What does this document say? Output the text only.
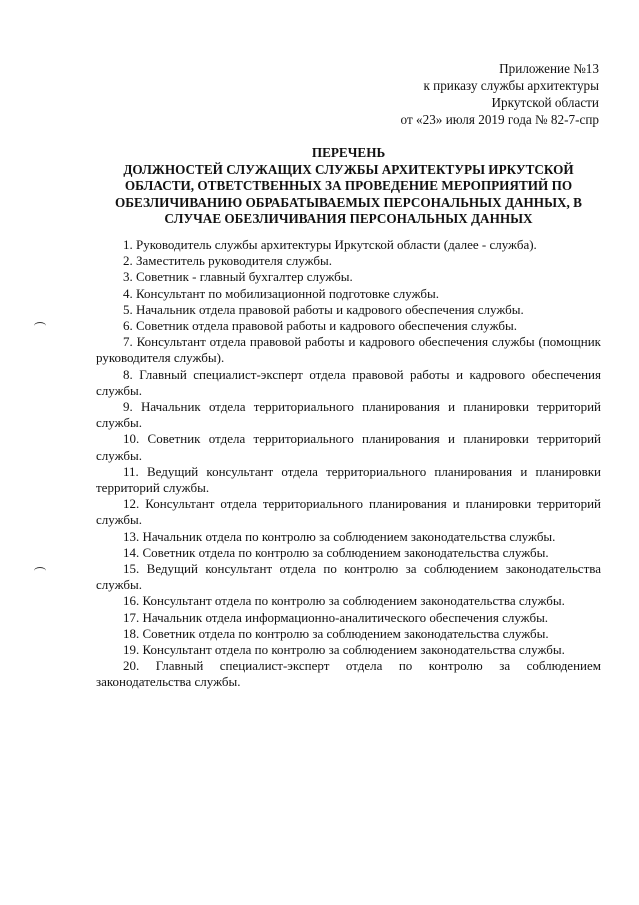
Приложение №13
к приказу службы архитектуры
Иркутской области
от «23» июля 2019 года № 82-7-спр
ПЕРЕЧЕНЬ
ДОЛЖНОСТЕЙ СЛУЖАЩИХ СЛУЖБЫ АРХИТЕКТУРЫ ИРКУТСКОЙ
ОБЛАСТИ, ОТВЕТСТВЕННЫХ ЗА ПРОВЕДЕНИЕ МЕРОПРИЯТИЙ ПО
ОБЕЗЛИЧИВАНИЮ ОБРАБАТЫВАЕМЫХ ПЕРСОНАЛЬНЫХ ДАННЫХ, В
СЛУЧАЕ ОБЕЗЛИЧИВАНИЯ ПЕРСОНАЛЬНЫХ ДАННЫХ

1. Руководитель службы архитектуры Иркутской области (далее - служба).

2. Заместитель руководителя службы.

3. Советник - главный бухгалтер службы.

4. Консультант по мобилизационной подготовке службы.

5. Начальник отдела правовой работы и кадрового обеспечения службы.

6. Советник отдела правовой работы и кадрового обеспечения службы.

7. Консультант отдела правовой работы и кадрового обеспечения службы (помощник руководителя службы).

8. Главный специалист-эксперт отдела правовой работы и кадрового обеспечения службы.

9. Начальник отдела территориального планирования и планировки территорий службы.

10. Советник отдела территориального планирования и планировки территорий службы.

11. Ведущий консультант отдела территориального планирования и планировки территорий службы.

12. Консультант отдела территориального планирования и планировки территорий службы.

13. Начальник отдела по контролю за соблюдением законодательства службы.

14. Советник отдела по контролю за соблюдением законодательства службы.

15. Ведущий консультант отдела по контролю за соблюдением законодательства службы.

16. Консультант отдела по контролю за соблюдением законодательства службы.

17. Начальник отдела информационно-аналитического обеспечения службы.

18. Советник отдела по контролю за соблюдением законодательства службы.

19. Консультант отдела по контролю за соблюдением законодательства службы.

20. Главный специалист-эксперт отдела по контролю за соблюдением законодательства службы.
